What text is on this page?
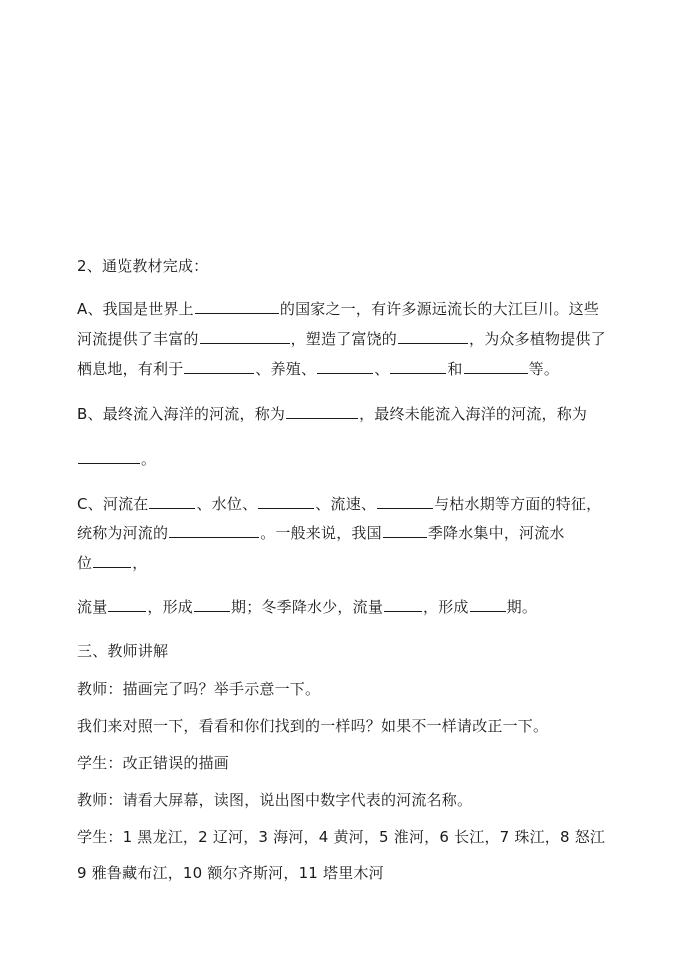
2、通览教材完成：
A、我国是世界上	的国家之一，有许多源远流长的大江巨川。这些
河流提供了丰富的	，塑造了富饶的	，为众多植物提供了
栖息地，有利于	、养殖、	、	和	等。
B、最终流入海洋的河流，称为	，最终未能流入海洋的河流，称为
。
C、河流在	、水位、	、流速、	与枯水期等方面的特征，
统称为河流的	。一般来说，我国	季降水集中，河流水
位	，
流量	，形成	期；冬季降水少，流量	，形成	期。
三、教师讲解
教师：描画完了吗？举手示意一下。
我们来对照一下，看看和你们找到的一样吗？如果不一样请改正一下。
学生：改正错误的描画
教师：请看大屏幕，读图，说出图中数字代表的河流名称。
学生：1 黑龙江，2 辽河，3 海河，4 黄河，5 淮河，6 长江，7 珠江，8 怒江
9 雅鲁藏布江，10 额尔齐斯河，11 塔里木河
